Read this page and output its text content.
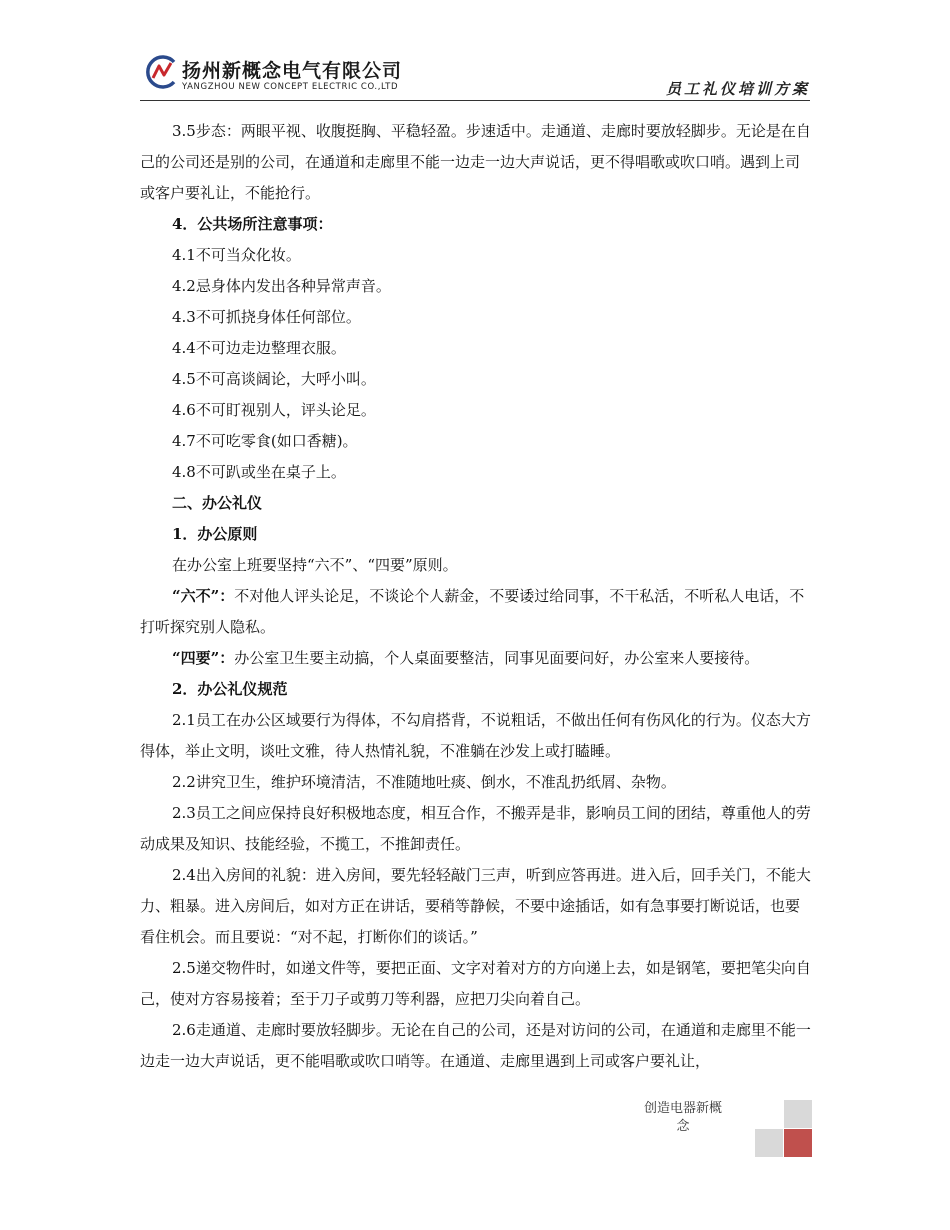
扬州新概念电气有限公司
YANGZHOU NEW CONCEPT ELECTRIC CO.,LTD	员工礼仪培训方案

3.5步态：两眼平视、收腹挺胸、平稳轻盈。步速适中。走通道、走廊时要放轻脚步。无论是在自己的公司还是别的公司，在通道和走廊里不能一边走一边大声说话，更不得唱歌或吹口哨。遇到上司或客户要礼让，不能抢行。

4．公共场所注意事项：

4.1不可当众化妆。

4.2忌身体内发出各种异常声音。

4.3不可抓挠身体任何部位。

4.4不可边走边整理衣服。

4.5不可高谈阔论，大呼小叫。

4.6不可盯视别人，评头论足。

4.7不可吃零食(如口香糖)。

4.8不可趴或坐在桌子上。

二、办公礼仪

1．办公原则

在办公室上班要坚持“六不”、“四要”原则。

“六不”：不对他人评头论足，不谈论个人薪金，不要诿过给同事，不干私活，不听私人电话，不打听探究别人隐私。

“四要”：办公室卫生要主动搞，个人桌面要整洁，同事见面要问好，办公室来人要接待。

2．办公礼仪规范

2.1员工在办公区域要行为得体，不勾肩搭背，不说粗话，不做出任何有伤风化的行为。仪态大方得体，举止文明，谈吐文雅，待人热情礼貌，不准躺在沙发上或打瞌睡。

2.2讲究卫生，维护环境清洁，不准随地吐痰、倒水，不准乱扔纸屑、杂物。

2.3员工之间应保持良好积极地态度，相互合作，不搬弄是非，影响员工间的团结，尊重他人的劳动成果及知识、技能经验，不揽工，不推卸责任。

2.4出入房间的礼貌：进入房间，要先轻轻敲门三声，听到应答再进。进入后，回手关门，不能大力、粗暴。进入房间后，如对方正在讲话，要稍等静候，不要中途插话，如有急事要打断说话，也要看住机会。而且要说：“对不起，打断你们的谈话。”

2.5递交物件时，如递文件等，要把正面、文字对着对方的方向递上去，如是钢笔，要把笔尖向自己，使对方容易接着；至于刀子或剪刀等利器，应把刀尖向着自己。

2.6走通道、走廊时要放轻脚步。无论在自己的公司，还是对访问的公司，在通道和走廊里不能一边走一边大声说话，更不能唱歌或吹口哨等。在通道、走廊里遇到上司或客户要礼让，

创造电器新概念
